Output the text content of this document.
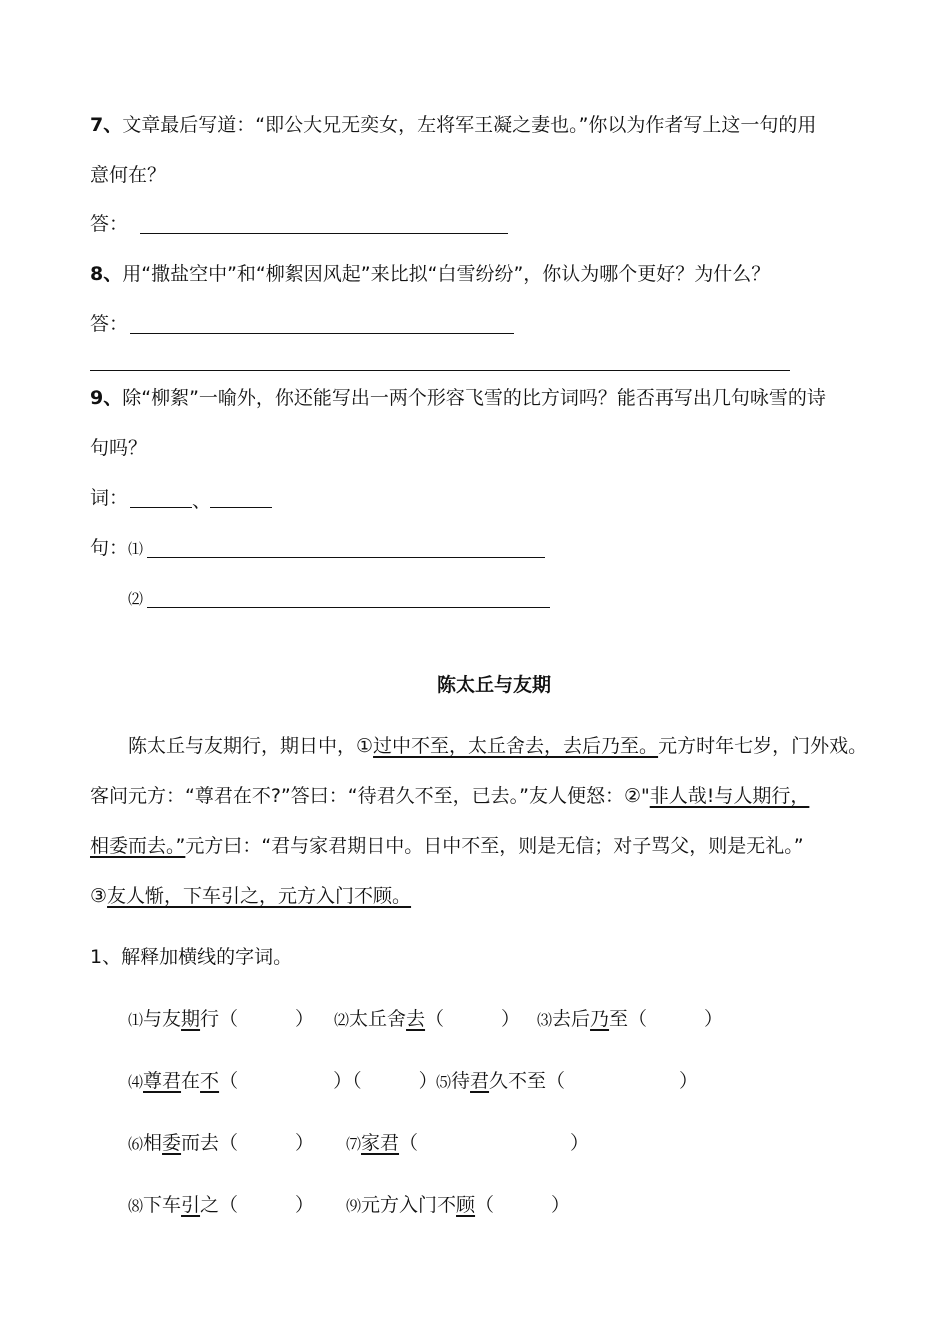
7、文章最后写道：“即公大兄无奕女，左将军王凝之妻也。”你以为作者写上这一句的用
意何在？
答：
8、用“撒盐空中”和“柳絮因风起”来比拟“白雪纷纷”，你认为哪个更好？为什么？
答：
9、除“柳絮”一喻外，你还能写出一两个形容飞雪的比方词吗？能否再写出几句咏雪的诗
句吗？
词：	、
句： ⑴
⑵
陈太丘与友期
陈太丘与友期行，期日中，①过中不至，太丘舍去，去后乃至。元方时年七岁，门外戏。
客问元方：“尊君在不?”答曰：“待君久不至，已去。”友人便怒：②"非人哉!与人期行，
相委而去。”元方曰：“君与家君期日中。日中不至，则是无信；对子骂父，则是无礼。”
③友人惭，下车引之，元方入门不顾。
1、解释加横线的字词。
⑴与友期行（　　　） ⑵太丘舍去（　　　） ⑶去后乃至（　　　）
⑷尊君在不（　　　　　）（　　　）
⑸待君久不至（　　　　　　）
⑹相委而去（　　　） ⑺家君（　　　　　　　　）
⑻下车引之（　　　） ⑼元方入门不顾（　　　）
